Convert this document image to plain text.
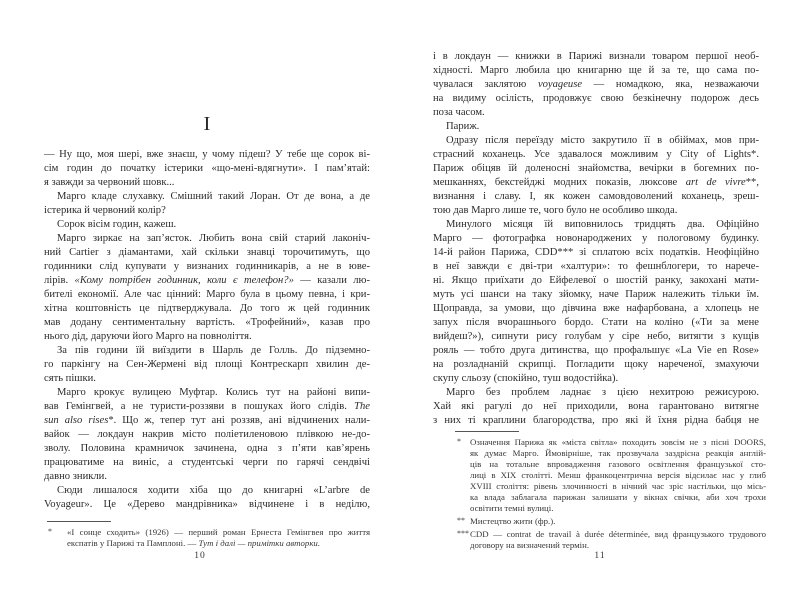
I
— Ну що, моя шері, вже знаєш, у чому підеш? У тебе ще сорок ві-
сім годин до початку істерики «що-мені-вдягнути». І пам’ятай:
я завжди за червоний шовк...
Марго кладе слухавку. Смішний такий Лоран. От де вона, а де
істерика й червоний колір?
Сорок вісім годин, кажеш.
Марго зиркає на зап’ясток. Любить вона свій старий лаконіч-
ний Cartier з діамантами, хай скільки знавці торочитимуть, що
годинники слід купувати у визнаних годинникарів, а не в юве-
лірів. «Кому потрібен годинник, коли є телефон?» — казали лю-
бителі економії. Але час цінний: Марго була в цьому певна, і кри-
хітна коштовність це підтверджувала. До того ж цей годинник
мав додану сентиментальну вартість. «Трофейний», казав про
нього дід, даруючи його Марго на повноліття.
За пів години їй виїздити в Шарль де Голль. До підземно-
го паркінгу на Сен-Жермені від площі Контрескарп хвилин де-
сять пішки.
Марго крокує вулицею Муфтар. Колись тут на районі випи-
вав Гемінгвей, а не туристи-роззяви в пошуках його слідів. The
sun also rises*. Що ж, тепер тут ані роззяв, ані відчинених нали-
вайок — локдаун накрив місто поліетиленовою плівкою не-до-
зволу. Половина крамничок зачинена, одна з п’яти кав’ярень
працюватиме на виніс, а студентські черги по гарячі сендвічі
давно зникли.
Сюди лишалося ходити хіба що до книгарні «L’arbre de
Voyageur». Це «Дерево мандрівника» відчинене і в неділю,
* «І сонце сходить» (1926) — перший роман Ернеста Гемінгвея про життя
експатів у Парижі та Памплоні. — Тут і далі — примітки авторки.
і в локдаун — книжки в Парижі визнали товаром першої необ-
хідності. Марго любила цю книгарню ще й за те, що сама по-
чувалася заклятою voyageuse — номадкою, яка, незважаючи
на видиму осілість, продовжує свою безкінечну подорож десь
поза часом.
Париж.
Одразу після переїзду місто закрутило її в обіймах, мов при-
страсний коханець. Усе здавалося можливим у City of Lights*.
Париж обіцяв їй доленосні знайомства, вечірки в богемних по-
мешканнях, бекстейджі модних показів, люксове art de vivre**,
визнання і славу. І, як кожен самовдоволений коханець, зреш-
тою дав Марго лише те, чого було не особливо шкода.
Минулого місяця їй виповнилось тридцять два. Офіційно
Марго — фотографка новонароджених у пологовому будинку.
14-й район Парижа, CDD*** зі сплатою всіх податків. Неофіційно
в неї завжди є дві-три «халтури»: то фешнблогери, то нарече-
ні. Якщо приїхати до Ейфелевої о шостій ранку, закохані мати-
муть усі шанси на таку зйомку, наче Париж належить тільки їм.
Щоправда, за умови, що дівчина вже нафарбована, а хлопець не
запух після вчорашнього бордо. Стати на коліно («Ти за мене
вийдеш?»), сипнути рису голубам у сіре небо, витягти з кущів
рояль — тобто друга дитинства, що профальшує «La Vie en Rose»
на розладнаній скрипці. Погладити щоку нареченої, змахуючи
скупу сльозу (спокійно, туш водостійка).
Марго без проблем ладнає з цією нехитрою режисурою.
Хай які рагулі до неї приходили, вона гарантовано витягне
з них ті краплини благородства, про які й їхня рідна бабця не
* Означення Парижа як «міста світла» походить зовсім не з пісні DOORS,
як думає Марго. Ймовірніше, так прозвучала заздрісна реакція англій-
ців на тотальне впровадження газового освітлення французької сто-
лиці в XIX столітті. Менш франкоцентрична версія відсилає нас у глиб
XVIII століття: рівень злочинності в нічний час зріс настільки, що місь-
ка влада заблагала парижан залишати у вікнах свічки, аби хоч трохи
освітити темні вулиці.
** Мистецтво жити (фр.).
*** CDD — contrat de travail à durée déterminée, вид французького трудового
договору на визначений термін.
10	11
